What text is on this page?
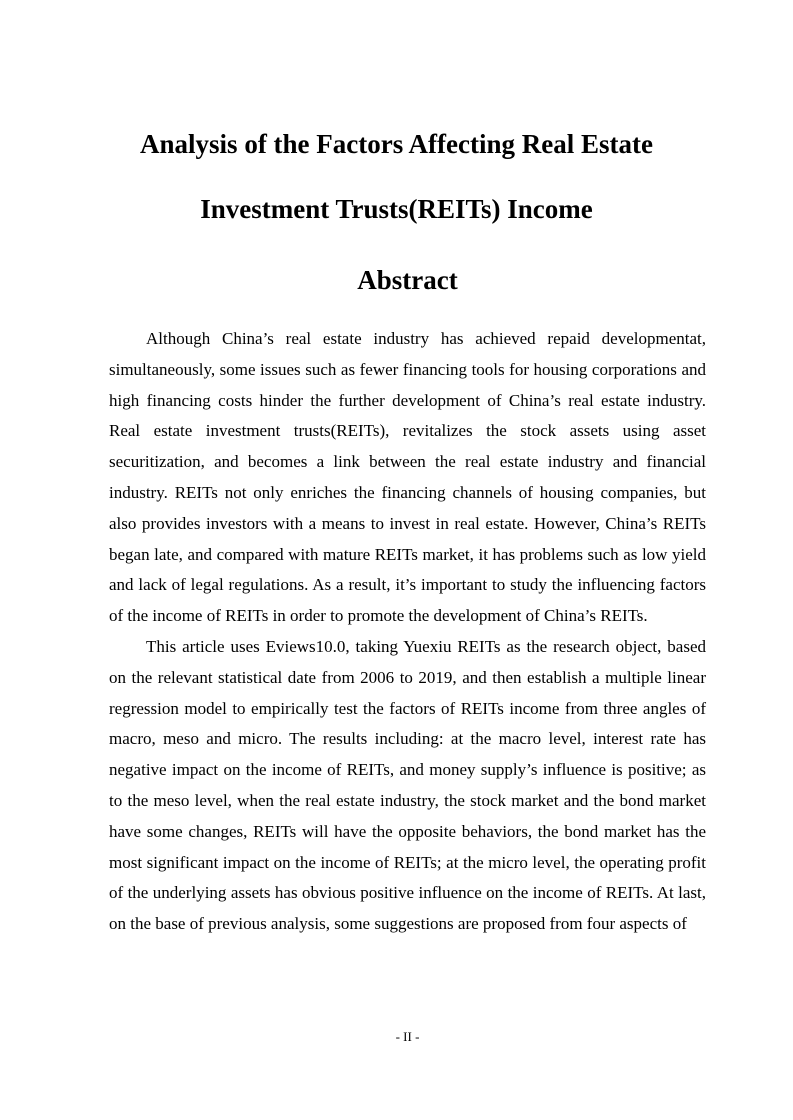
Analysis of the Factors Affecting Real Estate
Investment Trusts(REITs) Income
Abstract

Although China’s real estate industry has achieved repaid developmentat, simultaneously, some issues such as fewer financing tools for housing corporations and high financing costs hinder the further development of China’s real estate industry. Real estate investment trusts(REITs), revitalizes the stock assets using asset securitization, and becomes a link between the real estate industry and financial industry. REITs not only enriches the financing channels of housing companies, but also provides investors with a means to invest in real estate. However, China’s REITs began late, and compared with mature REITs market, it has problems such as low yield and lack of legal regulations. As a result, it’s important to study the influencing factors of the income of REITs in order to promote the development of China’s REITs.

This article uses Eviews10.0, taking Yuexiu REITs as the research object, based on the relevant statistical date from 2006 to 2019, and then establish a multiple linear regression model to empirically test the factors of REITs income from three angles of macro, meso and micro. The results including: at the macro level, interest rate has negative impact on the income of REITs, and money supply’s influence is positive; as to the meso level, when the real estate industry, the stock market and the bond market have some changes, REITs will have the opposite behaviors, the bond market has the most significant impact on the income of REITs; at the micro level, the operating profit of the underlying assets has obvious positive influence on the income of REITs. At last, on the base of previous analysis, some suggestions are proposed from four aspects of

- II -
